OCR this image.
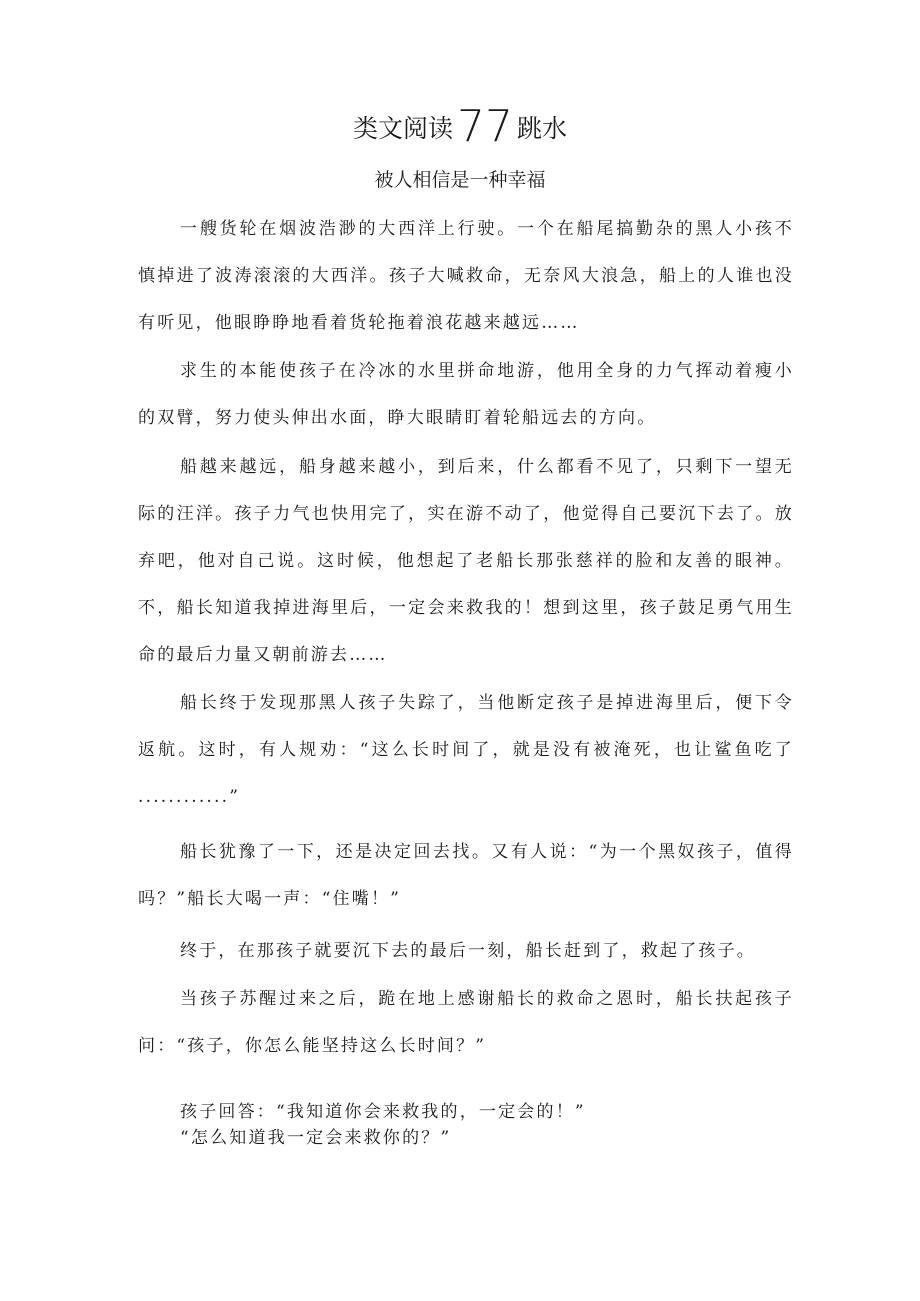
类文阅读77 跳水
被人相信是一种幸福

一艘货轮在烟波浩渺的大西洋上行驶。一个在船尾搞勤杂的黑人小孩不慎掉进了波涛滚滚的大西洋。孩子大喊救命，无奈风大浪急，船上的人谁也没有听见，他眼睁睁地看着货轮拖着浪花越来越远……

求生的本能使孩子在冷冰的水里拼命地游，他用全身的力气挥动着瘦小的双臂，努力使头伸出水面，睁大眼睛盯着轮船远去的方向。

船越来越远，船身越来越小，到后来，什么都看不见了，只剩下一望无际的汪洋。孩子力气也快用完了，实在游不动了，他觉得自己要沉下去了。放弃吧，他对自己说。这时候，他想起了老船长那张慈祥的脸和友善的眼神。不，船长知道我掉进海里后，一定会来救我的！想到这里，孩子鼓足勇气用生命的最后力量又朝前游去……

船长终于发现那黑人孩子失踪了，当他断定孩子是掉进海里后，便下令返航。这时，有人规劝：“这么长时间了，就是没有被淹死，也让鲨鱼吃了 ............”

船长犹豫了一下，还是决定回去找。又有人说：“为一个黑奴孩子，值得吗？”船长大喝一声：“住嘴！”

终于，在那孩子就要沉下去的最后一刻，船长赶到了，救起了孩子。

当孩子苏醒过来之后，跪在地上感谢船长的救命之恩时，船长扶起孩子问：“孩子，你怎么能坚持这么长时间？”

孩子回答：“我知道你会来救我的，一定会的！”

“怎么知道我一定会来救你的？”
